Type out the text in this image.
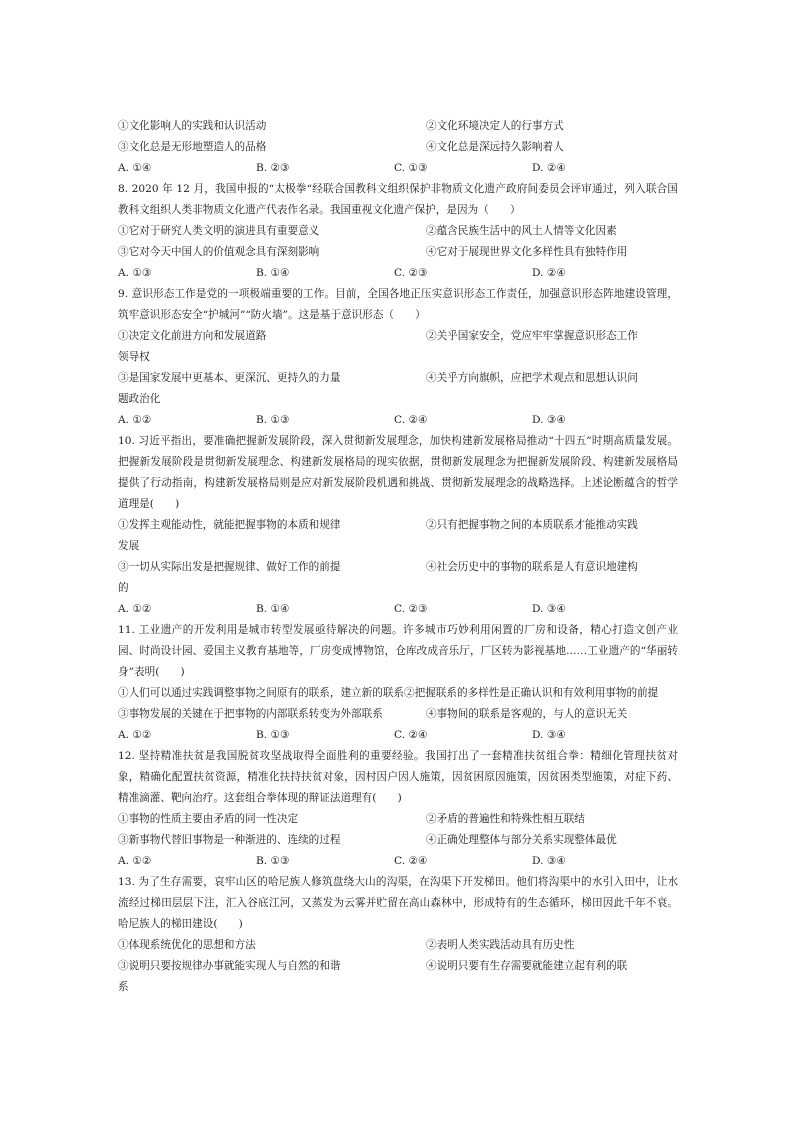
①文化影响人的实践和认识活动	②文化环境决定人的行事方式
③文化总是无形地塑造人的品格	④文化总是深远持久影响着人
A. ①④	B. ②③	C. ①③	D. ②④
8. 2020 年 12 月，我国申报的“太极拳“经联合国教科文组织保护非物质文化遗产政府间委员会评审通过，列入联合国教科文组织人类非物质文化遗产代表作名录。我国重视文化遗产保护，是因为（　　）
①它对于研究人类文明的演进具有重要意义	②蕴含民族生活中的风土人情等文化因素
③它对今天中国人的价值观念具有深刻影响	④它对于展现世界文化多样性具有独特作用
A. ①③	B. ①④	C. ②③	D. ②④
9. 意识形态工作是党的一项极端重要的工作。目前，全国各地正压实意识形态工作责任，加强意识形态阵地建设管理，筑牢意识形态安全“护城河”“防火墙”。这是基于意识形态（　　）
①决定文化前进方向和发展道路	②关乎国家安全，党应牢牢掌握意识形态工作
领导权
③是国家发展中更基本、更深沉、更持久的力量	④关乎方向旗帜，应把学术观点和思想认识问
题政治化
A. ①②	B. ①③	C. ②④	D. ③④
10. 习近平指出，要准确把握新发展阶段，深入贯彻新发展理念，加快构建新发展格局推动“十四五”时期高质量发展。把握新发展阶段是贯彻新发展理念、构建新发展格局的现实依据，贯彻新发展理念为把握新发展阶段、构建新发展格局提供了行动指南，构建新发展格局则是应对新发展阶段机遇和挑战、贯彻新发展理念的战略选择。上述论断蕴含的哲学道理是(　　)
①发挥主观能动性，就能把握事物的本质和规律	②只有把握事物之间的本质联系才能推动实践
发展
③一切从实际出发是把握规律、做好工作的前提	④社会历史中的事物的联系是人有意识地建构
的
A. ①②	B. ①④	C. ②③	D. ③④
11. 工业遗产的开发利用是城市转型发展亟待解决的问题。许多城市巧妙利用闲置的厂房和设备，精心打造文创产业园、时尚设计园、爱国主义教育基地等，厂房变成博物馆，仓库改成音乐厅，厂区转为影视基地……工业遗产的“华丽转身”表明(　　)
①人们可以通过实践调整事物之间原有的联系，建立新的联系②把握联系的多样性是正确认识和有效利用事物的前提
③事物发展的关键在于把事物的内部联系转变为外部联系	④事物间的联系是客观的，与人的意识无关
A. ①②	B. ①③	C. ②④	D. ③④
12. 坚持精准扶贫是我国脱贫攻坚战取得全面胜利的重要经验。我国打出了一套精准扶贫组合拳：精细化管理扶贫对象，精确化配置扶贫资源，精准化扶持扶贫对象，因村因户因人施策，因贫困原因施策，因贫困类型施策，对症下药、精准滴灌、靶向治疗。这套组合拳体现的辩证法道理有(　　)
①事物的性质主要由矛盾的同一性决定	②矛盾的普遍性和特殊性相互联结
③新事物代替旧事物是一种渐进的、连续的过程	④正确处理整体与部分关系实现整体最优
A. ①②	B. ①③	C. ②④	D. ③④
13. 为了生存需要，哀牢山区的哈尼族人修筑盘绕大山的沟渠，在沟渠下开发梯田。他们将沟渠中的水引入田中，让水流经过梯田层层下注，汇入谷底江河，又蒸发为云雾并贮留在高山森林中，形成特有的生态循环，梯田因此千年不衰。哈尼族人的梯田建设(　　)
①体现系统优化的思想和方法	②表明人类实践活动具有历史性
③说明只要按规律办事就能实现人与自然的和谐	④说明只要有生存需要就能建立起有利的联
系
